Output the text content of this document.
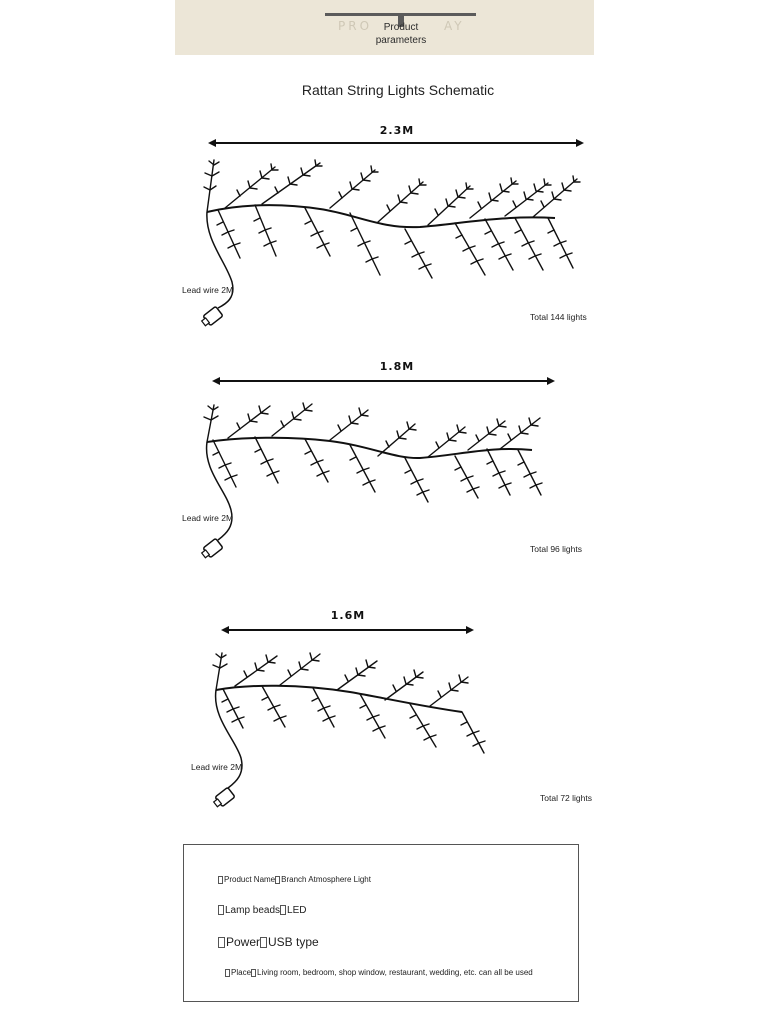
PRO	AY
Product
parameters
Rattan String Lights Schematic
2.3M
Lead wire 2M
Total 144 lights
1.8M
Lead wire 2M
Total 96 lights
1.6M
Lead wire 2M
Total 72 lights
Product Name Branch Atmosphere Light
Lamp beads LED
Power USB type
Place Living room, bedroom, shop window, restaurant, wedding, etc. can all be used
